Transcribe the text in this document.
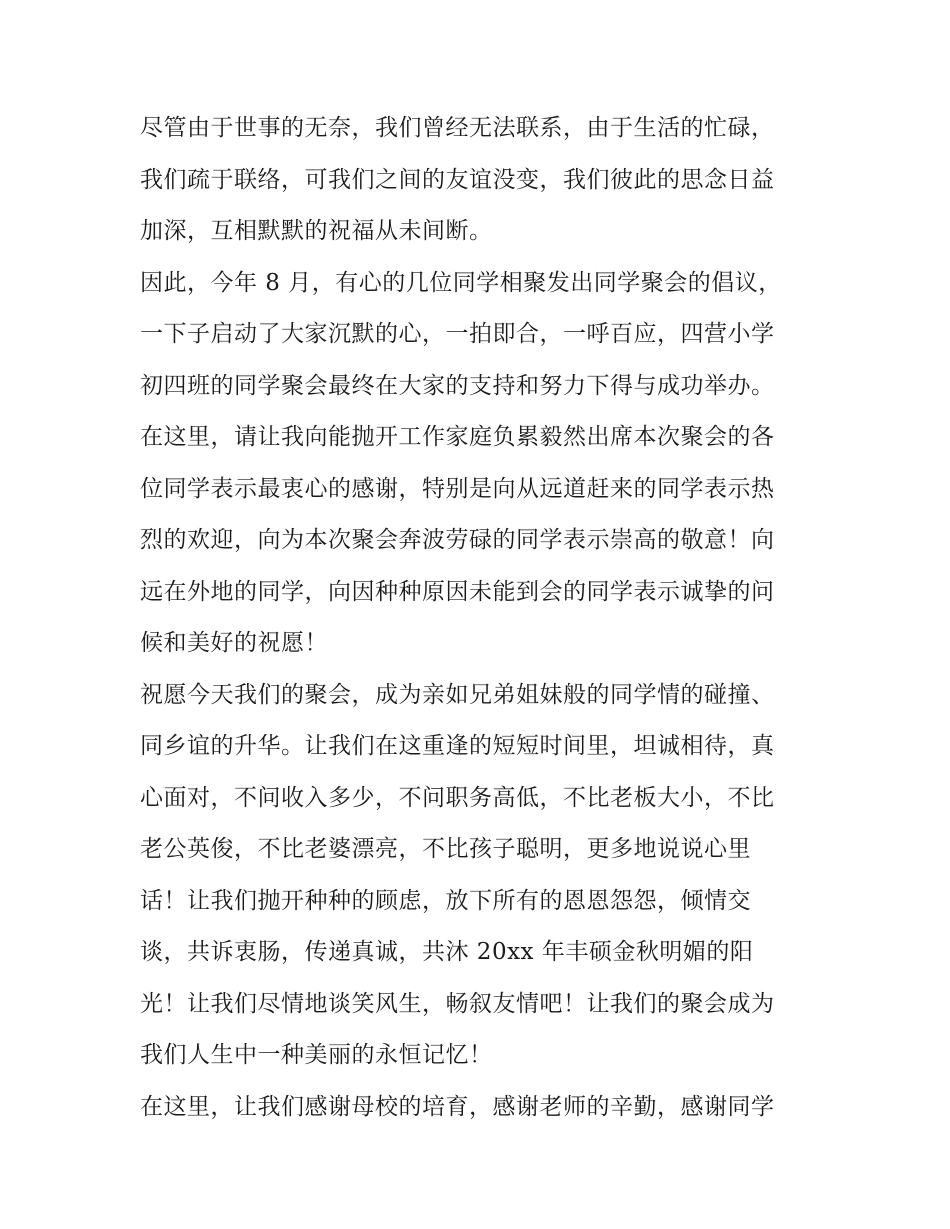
尽管由于世事的无奈，我们曾经无法联系，由于生活的忙碌，
我们疏于联络，可我们之间的友谊没变，我们彼此的思念日益
加深，互相默默的祝福从未间断。
因此，今年 8 月，有心的几位同学相聚发出同学聚会的倡议，
一下子启动了大家沉默的心，一拍即合，一呼百应，四营小学
初四班的同学聚会最终在大家的支持和努力下得与成功举办。
在这里，请让我向能抛开工作家庭负累毅然出席本次聚会的各
位同学表示最衷心的感谢，特别是向从远道赶来的同学表示热
烈的欢迎，向为本次聚会奔波劳碌的同学表示崇高的敬意！向
远在外地的同学，向因种种原因未能到会的同学表示诚挚的问
候和美好的祝愿！
祝愿今天我们的聚会，成为亲如兄弟姐妹般的同学情的碰撞、
同乡谊的升华。让我们在这重逢的短短时间里，坦诚相待，真
心面对，不问收入多少，不问职务高低，不比老板大小，不比
老公英俊，不比老婆漂亮，不比孩子聪明，更多地说说心里
话！让我们抛开种种的顾虑，放下所有的恩恩怨怨，倾情交
谈，共诉衷肠，传递真诚，共沐 20xx 年丰硕金秋明媚的阳
光！让我们尽情地谈笑风生，畅叙友情吧！让我们的聚会成为
我们人生中一种美丽的永恒记忆！
在这里，让我们感谢母校的培育，感谢老师的辛勤，感谢同学
